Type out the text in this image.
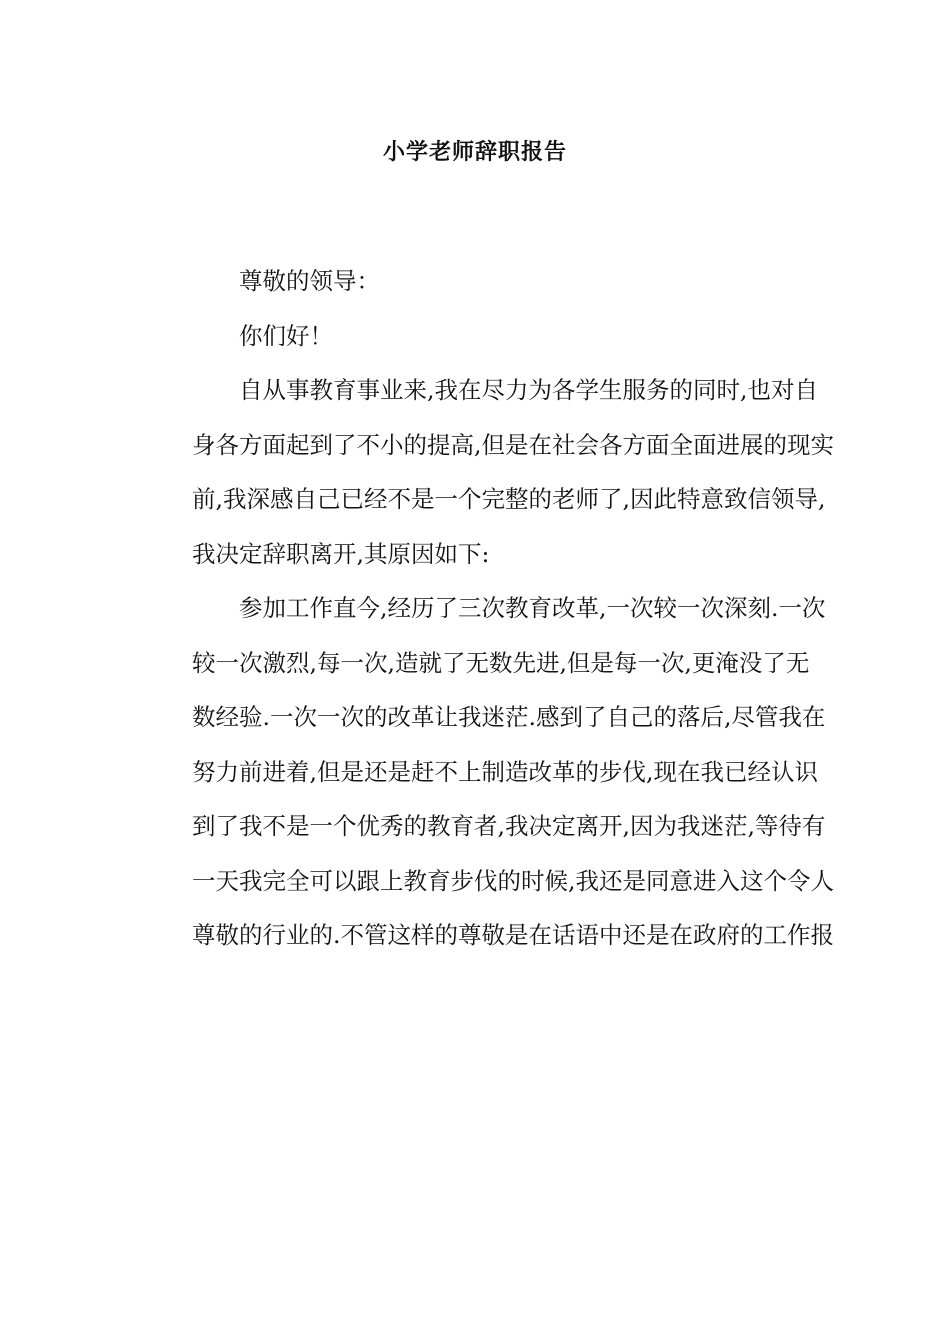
小学老师辞职报告

尊敬的领导：

你们好！

自从事教育事业来,我在尽力为各学生服务的同时,也对自
身各方面起到了不小的提高,但是在社会各方面全面进展的现实
前,我深感自己已经不是一个完整的老师了,因此特意致信领导,
我决定辞职离开,其原因如下:

参加工作直今,经历了三次教育改革,一次较一次深刻.一次
较一次激烈,每一次,造就了无数先进,但是每一次,更淹没了无
数经验.一次一次的改革让我迷茫.感到了自己的落后,尽管我在
努力前进着,但是还是赶不上制造改革的步伐,现在我已经认识
到了我不是一个优秀的教育者,我决定离开,因为我迷茫,等待有
一天我完全可以跟上教育步伐的时候,我还是同意进入这个令人
尊敬的行业的.不管这样的尊敬是在话语中还是在政府的工作报
